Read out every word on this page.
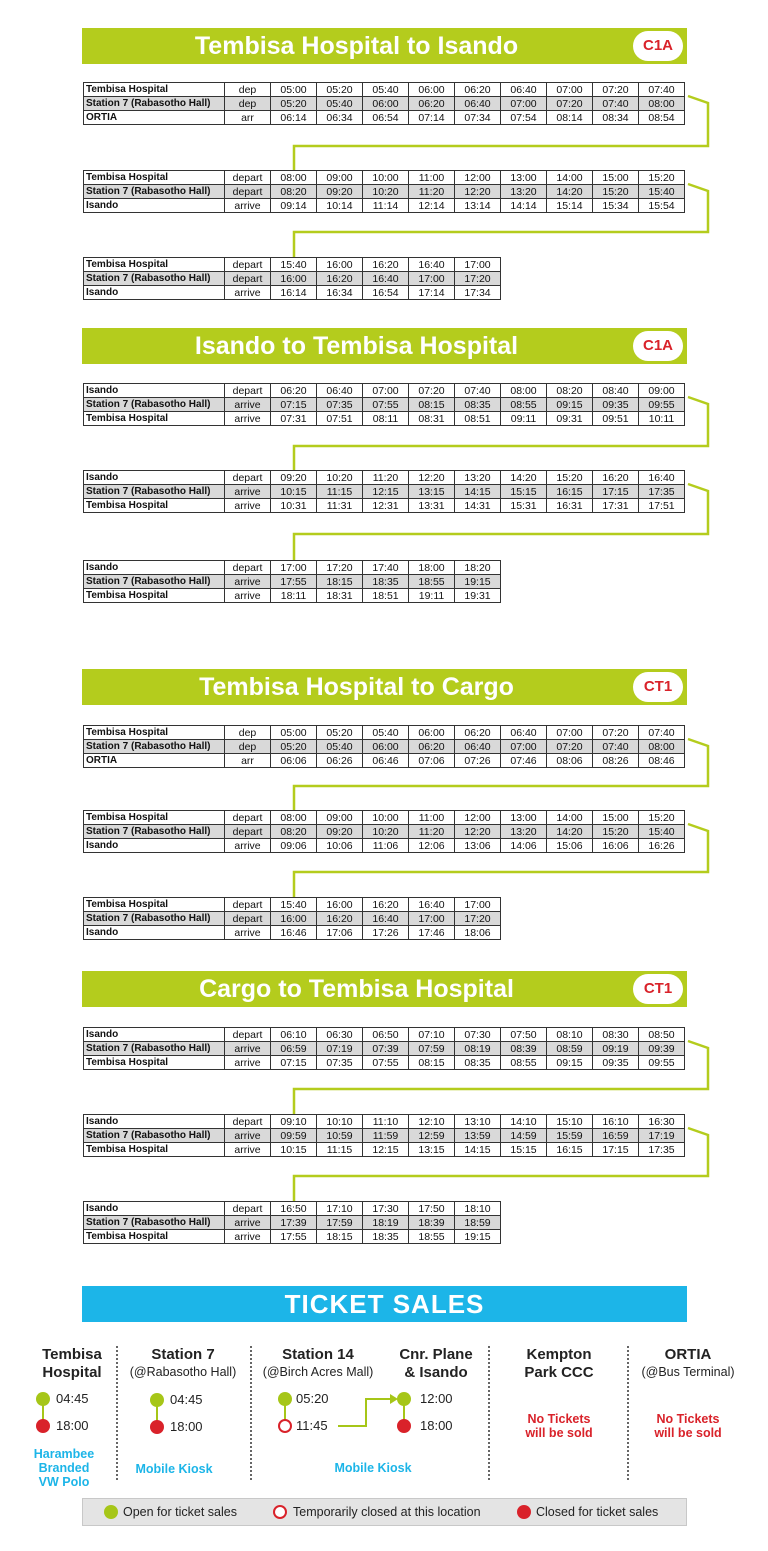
Tembisa Hospital to Isando	C1A
Isando to Tembisa Hospital	C1A
Tembisa Hospital to Cargo	CT1
Cargo to Tembisa Hospital	CT1
Tembisa Hospital	dep	05:00	05:20	05:40	06:00	06:20	06:40	07:00	07:20	07:40
Station 7 (Rabasotho Hall)	dep	05:20	05:40	06:00	06:20	06:40	07:00	07:20	07:40	08:00
ORTIA	arr	06:14	06:34	06:54	07:14	07:34	07:54	08:14	08:34	08:54
Tembisa Hospital	depart	08:00	09:00	10:00	11:00	12:00	13:00	14:00	15:00	15:20
Station 7 (Rabasotho Hall)	depart	08:20	09:20	10:20	11:20	12:20	13:20	14:20	15:20	15:40
Isando	arrive	09:14	10:14	11:14	12:14	13:14	14:14	15:14	15:34	15:54
Tembisa Hospital	depart	15:40	16:00	16:20	16:40	17:00
Station 7 (Rabasotho Hall)	depart	16:00	16:20	16:40	17:00	17:20
Isando	arrive	16:14	16:34	16:54	17:14	17:34
Isando	depart	06:20	06:40	07:00	07:20	07:40	08:00	08:20	08:40	09:00
Station 7 (Rabasotho Hall)	arrive	07:15	07:35	07:55	08:15	08:35	08:55	09:15	09:35	09:55
Tembisa Hospital	arrive	07:31	07:51	08:11	08:31	08:51	09:11	09:31	09:51	10:11
Isando	depart	09:20	10:20	11:20	12:20	13:20	14:20	15:20	16:20	16:40
Station 7 (Rabasotho Hall)	arrive	10:15	11:15	12:15	13:15	14:15	15:15	16:15	17:15	17:35
Tembisa Hospital	arrive	10:31	11:31	12:31	13:31	14:31	15:31	16:31	17:31	17:51
Isando	depart	17:00	17:20	17:40	18:00	18:20
Station 7 (Rabasotho Hall)	arrive	17:55	18:15	18:35	18:55	19:15
Tembisa Hospital	arrive	18:11	18:31	18:51	19:11	19:31
Tembisa Hospital	dep	05:00	05:20	05:40	06:00	06:20	06:40	07:00	07:20	07:40
Station 7 (Rabasotho Hall)	dep	05:20	05:40	06:00	06:20	06:40	07:00	07:20	07:40	08:00
ORTIA	arr	06:06	06:26	06:46	07:06	07:26	07:46	08:06	08:26	08:46
Tembisa Hospital	depart	08:00	09:00	10:00	11:00	12:00	13:00	14:00	15:00	15:20
Station 7 (Rabasotho Hall)	depart	08:20	09:20	10:20	11:20	12:20	13:20	14:20	15:20	15:40
Isando	arrive	09:06	10:06	11:06	12:06	13:06	14:06	15:06	16:06	16:26
Tembisa Hospital	depart	15:40	16:00	16:20	16:40	17:00
Station 7 (Rabasotho Hall)	depart	16:00	16:20	16:40	17:00	17:20
Isando	arrive	16:46	17:06	17:26	17:46	18:06
Isando	depart	06:10	06:30	06:50	07:10	07:30	07:50	08:10	08:30	08:50
Station 7 (Rabasotho Hall)	arrive	06:59	07:19	07:39	07:59	08:19	08:39	08:59	09:19	09:39
Tembisa Hospital	arrive	07:15	07:35	07:55	08:15	08:35	08:55	09:15	09:35	09:55
Isando	depart	09:10	10:10	11:10	12:10	13:10	14:10	15:10	16:10	16:30
Station 7 (Rabasotho Hall)	arrive	09:59	10:59	11:59	12:59	13:59	14:59	15:59	16:59	17:19
Tembisa Hospital	arrive	10:15	11:15	12:15	13:15	14:15	15:15	16:15	17:15	17:35
Isando	depart	16:50	17:10	17:30	17:50	18:10
Station 7 (Rabasotho Hall)	arrive	17:39	17:59	18:19	18:39	18:59
Tembisa Hospital	arrive	17:55	18:15	18:35	18:55	19:15
TICKET SALES
Tembisa
Hospital
04:45
18:00
Harambee
Branded
VW Polo
Station 7
(@Rabasotho Hall)
04:45
18:00
Mobile Kiosk
Station 14
(@Birch Acres Mall)
05:20
11:45
Mobile Kiosk
Cnr. Plane
& Isando
12:00
18:00
Kempton
Park CCC
No Tickets
will be sold
ORTIA
(@Bus Terminal)
No Tickets
will be sold
Open for ticket sales	Temporarily closed at this location	Closed for ticket sales
